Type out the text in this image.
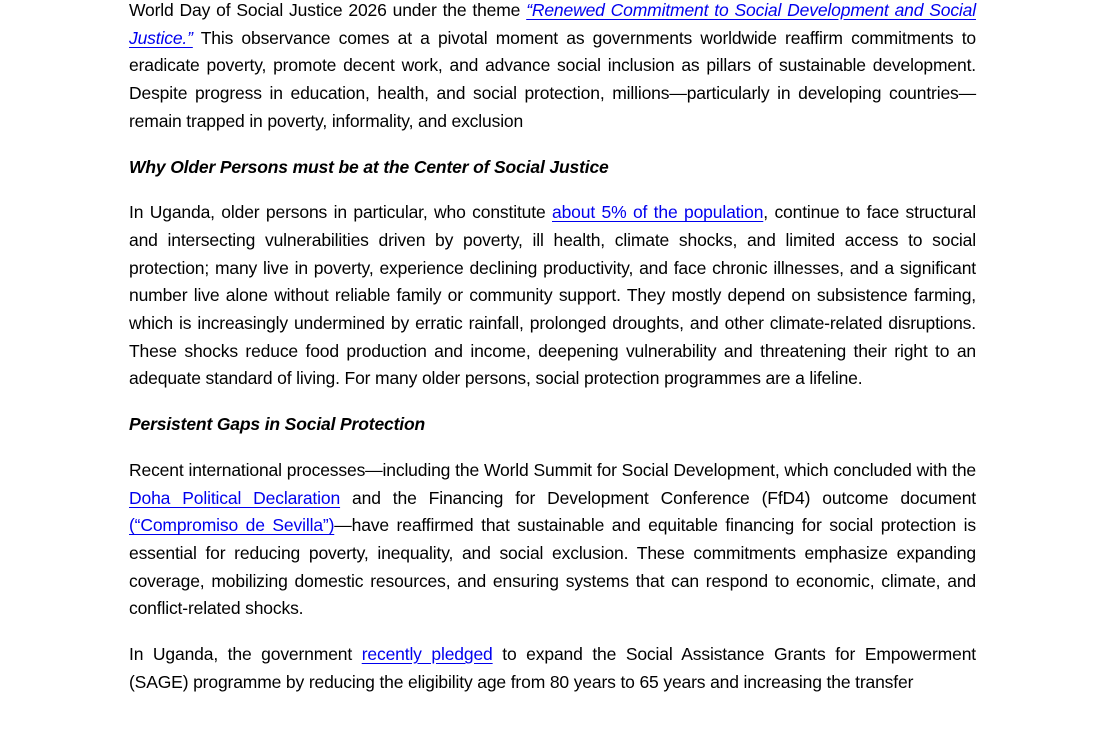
World Day of Social Justice 2026 under the theme “Renewed Commitment to Social Development and Social Justice.” This observance comes at a pivotal moment as governments worldwide reaffirm commitments to eradicate poverty, promote decent work, and advance social inclusion as pillars of sustainable development. Despite progress in education, health, and social protection, millions—particularly in developing countries—remain trapped in poverty, informality, and exclusion

Why Older Persons must be at the Center of Social Justice

In Uganda, older persons in particular, who constitute about 5% of the population, continue to face structural and intersecting vulnerabilities driven by poverty, ill health, climate shocks, and limited access to social protection; many live in poverty, experience declining productivity, and face chronic illnesses, and a significant number live alone without reliable family or community support. They mostly depend on subsistence farming, which is increasingly undermined by erratic rainfall, prolonged droughts, and other climate-related disruptions. These shocks reduce food production and income, deepening vulnerability and threatening their right to an adequate standard of living. For many older persons, social protection programmes are a lifeline.

Persistent Gaps in Social Protection

Recent international processes—including the World Summit for Social Development, which concluded with the Doha Political Declaration and the Financing for Development Conference (FfD4) outcome document (“Compromiso de Sevilla”)—have reaffirmed that sustainable and equitable financing for social protection is essential for reducing poverty, inequality, and social exclusion. These commitments emphasize expanding coverage, mobilizing domestic resources, and ensuring systems that can respond to economic, climate, and conflict-related shocks.

In Uganda, the government recently pledged to expand the Social Assistance Grants for Empowerment (SAGE) programme by reducing the eligibility age from 80 years to 65 years and increasing the transfer
